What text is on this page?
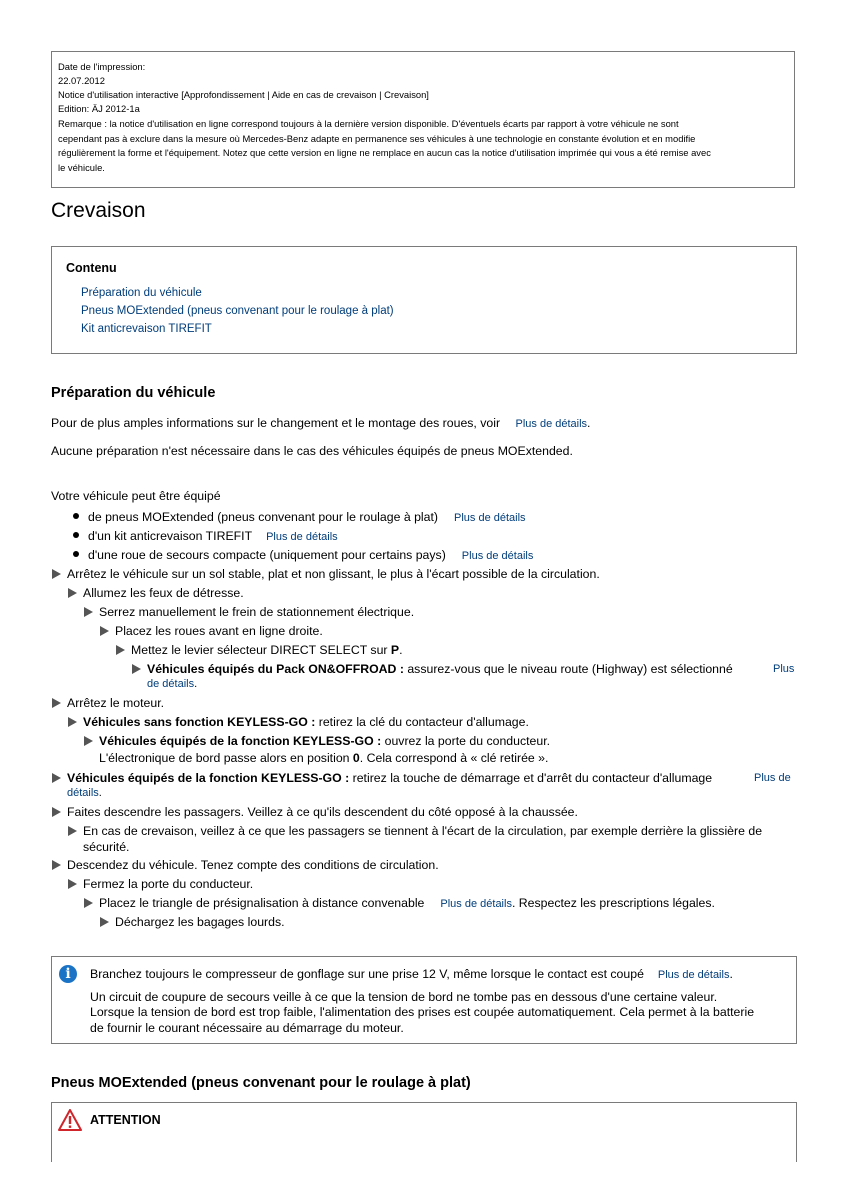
Date de l'impression:
22.07.2012
Notice d'utilisation interactive [Approfondissement | Aide en cas de crevaison | Crevaison]
Edition: ÄJ 2012-1a
Remarque : la notice d'utilisation en ligne correspond toujours à la dernière version disponible. D'éventuels écarts par rapport à votre véhicule ne sont
cependant pas à exclure dans la mesure où Mercedes-Benz adapte en permanence ses véhicules à une technologie en constante évolution et en modifie
régulièrement la forme et l'équipement. Notez que cette version en ligne ne remplace en aucun cas la notice d'utilisation imprimée qui vous a été remise avec
le véhicule.
Crevaison
Contenu
Préparation du véhicule
Pneus MOExtended (pneus convenant pour le roulage à plat)
Kit anticrevaison TIREFIT
Préparation du véhicule
Pour de plus amples informations sur le changement et le montage des roues, voir Plus de détails.
Aucune préparation n'est nécessaire dans le cas des véhicules équipés de pneus MOExtended.
Votre véhicule peut être équipé
de pneus MOExtended (pneus convenant pour le roulage à plat) Plus de détails
d'un kit anticrevaison TIREFIT Plus de détails
d'une roue de secours compacte (uniquement pour certains pays) Plus de détails
Arrêtez le véhicule sur un sol stable, plat et non glissant, le plus à l'écart possible de la circulation.
Allumez les feux de détresse.
Serrez manuellement le frein de stationnement électrique.
Placez les roues avant en ligne droite.
Mettez le levier sélecteur DIRECT SELECT sur P.
Véhicules équipés du Pack ON&OFFROAD : assurez-vous que le niveau route (Highway) est sélectionné	Plus
de détails.
Arrêtez le moteur.
Véhicules sans fonction KEYLESS-GO : retirez la clé du contacteur d'allumage.
Véhicules équipés de la fonction KEYLESS-GO : ouvrez la porte du conducteur.
L'électronique de bord passe alors en position 0. Cela correspond à « clé retirée ».
Véhicules équipés de la fonction KEYLESS-GO : retirez la touche de démarrage et d'arrêt du contacteur d'allumage	Plus de
détails.
Faites descendre les passagers. Veillez à ce qu'ils descendent du côté opposé à la chaussée.
En cas de crevaison, veillez à ce que les passagers se tiennent à l'écart de la circulation, par exemple derrière la glissière de
sécurité.
Descendez du véhicule. Tenez compte des conditions de circulation.
Fermez la porte du conducteur.
Placez le triangle de présignalisation à distance convenable Plus de détails. Respectez les prescriptions légales.
Déchargez les bagages lourds.
i	Branchez toujours le compresseur de gonflage sur une prise 12 V, même lorsque le contact est coupé Plus de détails.
Un circuit de coupure de secours veille à ce que la tension de bord ne tombe pas en dessous d'une certaine valeur.
Lorsque la tension de bord est trop faible, l'alimentation des prises est coupée automatiquement. Cela permet à la batterie
de fournir le courant nécessaire au démarrage du moteur.
Pneus MOExtended (pneus convenant pour le roulage à plat)
ATTENTION
